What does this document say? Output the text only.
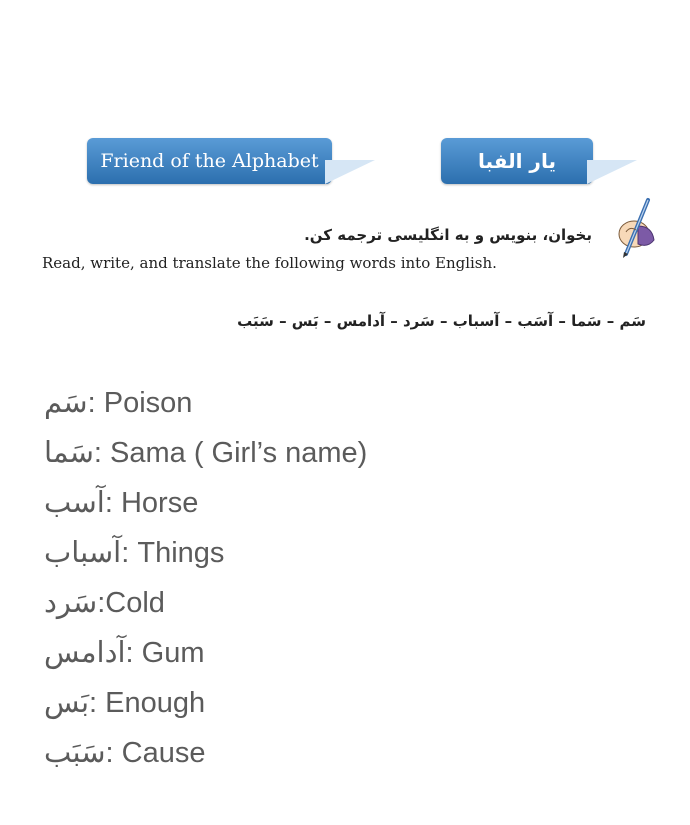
Friend of the Alphabet	یار الفبا
بخوان، بنویس و به انگلیسی ترجمه کن.
Read, write, and translate the following words into English.
سَم – سَما – آسَب – آسباب – سَرد – آدامس – بَس – سَبَب
سَم: Poison
سَما: Sama ( Girl’s name)
آسب: Horse
آسباب: Things
سَرد:Cold
آدامس: Gum
بَس: Enough
سَبَب: Cause
